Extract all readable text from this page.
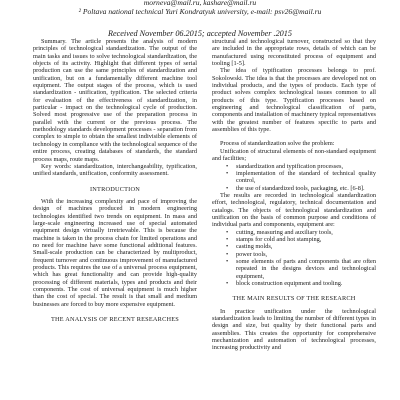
morneva@mail.ru, kashare@mail.ru
² Poltava national technical Yuri Kondratyuk university, e-mail: psv26@mail.ru
Received November 06.2015; accepted November .2015

Summary. The article presents the analysis of modern principles of technological standardization. The output of the main tasks and issues to solve technological standardization, the objects of its activity. Highlight that different types of serial production can use the same principles of standardization and unification, but on a fundamentally different machine tool equipment. The output stages of the process, which is used standardization - unification, typification. The selected criteria for evaluation of the effectiveness of standardization, in particular - impact on the technological cycle of production. Solved most progressive use of the preparation process in parallel with the current or the previous process. The methodology standards development processes - separation from complex to simple to obtain the smallest indivisible elements of technology in compliance with the technological sequence of the entire process, creating databases of standards, the standard process maps, route maps.

Key words: standardization, interchangeability, typification, unified standards, unification, conformity assessment.

INTRODUCTION

With the increasing complexity and pace of improving the design of machines produced in modern engineering technologies identified two trends on equipment. In mass and large-scale engineering increased use of special automated equipment design virtually irretrievable. This is because the machine is taken in the process chain for limited operations and no need for machine have some functional additional features. Small-scale production can be characterized by multiproduct, frequent turnover and continuous improvement of manufactured products. This requires the use of a universal process equipment, which has great functionality and can provide high-quality processing of different materials, types and products and their components. The cost of universal equipment is much higher than the cost of special. The result is that small and medium businesses are forced to buy more expensive equipment.

THE ANALYSIS OF RECENT RESEARCHES

structural and technological turnover, constructed so that they are included in the appropriate rows, details of which can be manufactured using reconstituted process of equipment and tooling [1-5].

The idea of typification processes belongs to prof. Sokolowski. The idea is that the processes are developed not on individual products, and the types of products. Each type of product solves complex technological issues common to all products of this type. Typification processes based on engineering and technological classification of parts, components and installation of machinery typical representatives with the greatest number of features specific to parts and assemblies of this type.

Process of standardization solve the problem:

Unification of structural elements of non-standard equipment and facilities;

• standardization and typification processes,
• implementation of the standard of technical quality control,
• the use of standardized tools, packaging, etc. [6-8].

The results are recorded in technological standardization effort, technological, regulatory, technical documentation and catalogs. The objects of technological standardization and unification on the basis of common purpose and conditions of individual parts and components, equipment are:

• cutting, measuring and auxiliary tools,
• stamps for cold and hot stamping,
• casting molds,
• power tools,
• some elements of parts and components that are often repeated in the designs devices and technological equipment,
• block construction equipment and tooling.

THE MAIN RESULTS OF THE RESEARCH

In practice unification under the technological standardization leads to limiting the number of different types in design and size, but quality by their functional parts and assemblies. This creates the opportunity for comprehensive mechanization and automation of technological processes, increasing productivity and
